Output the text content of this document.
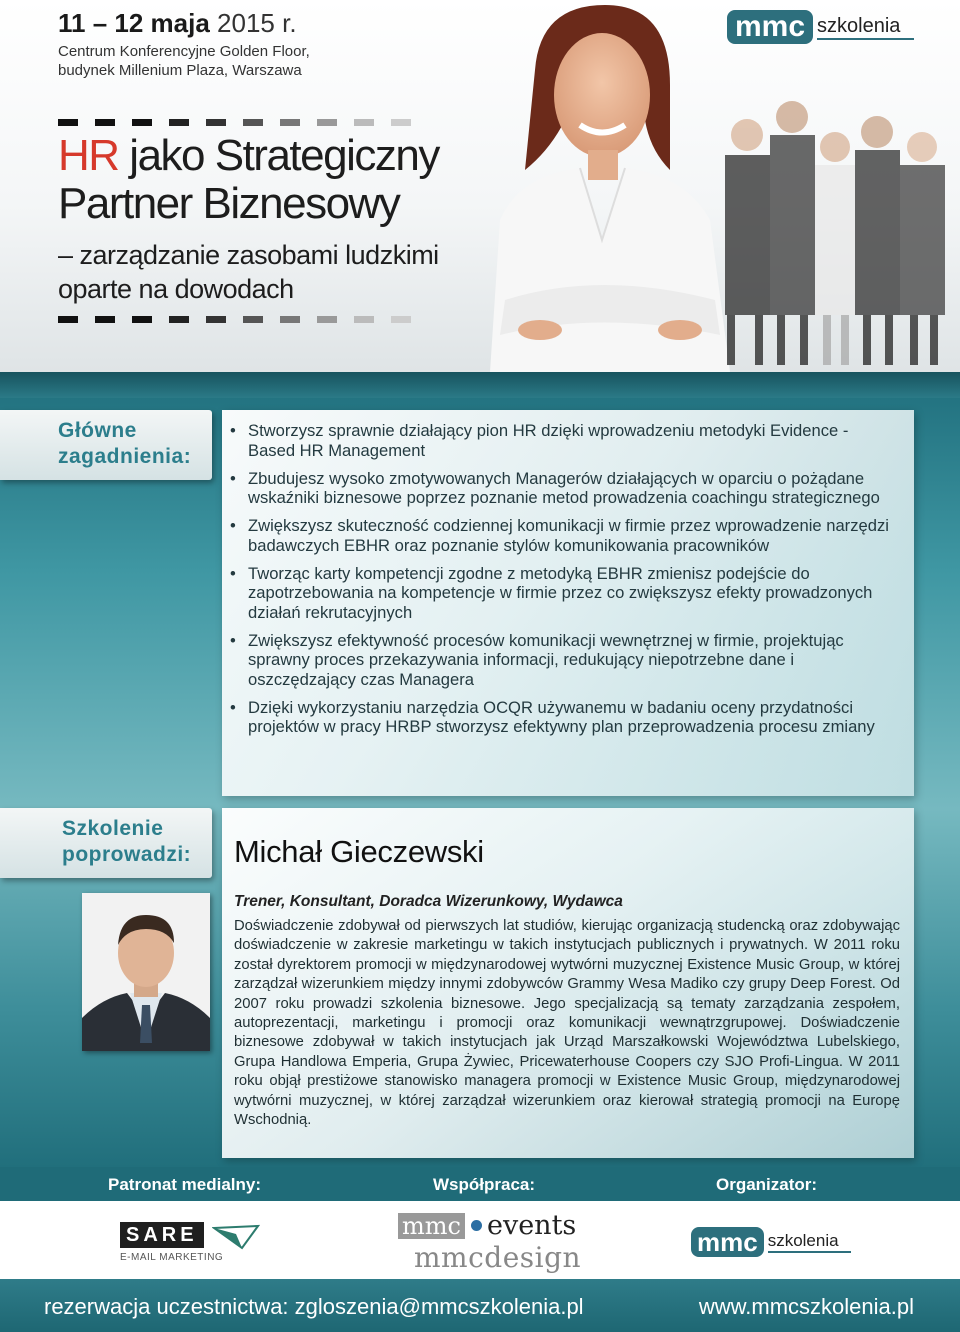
11 – 12 maja 2015 r.
Centrum Konferencyjne Golden Floor,
budynek Millenium Plaza, Warszawa
HR jako Strategiczny Partner Biznesowy
– zarządzanie zasobami ludzkimi oparte na dowodach
mmc szkolenia
Główne zagadnienia:
• Stworzysz sprawnie działający pion HR dzięki wprowadzeniu metodyki Evidence - Based HR Management
• Zbudujesz wysoko zmotywowanych Managerów działających w oparciu o pożądane wskaźniki biznesowe poprzez poznanie metod prowadzenia coachingu strategicznego
• Zwiększysz skuteczność codziennej komunikacji w firmie przez wprowadzenie narzędzi badawczych EBHR oraz poznanie stylów komunikowania pracowników
• Tworząc karty kompetencji zgodne z metodyką EBHR zmienisz podejście do zapotrzebowania na kompetencje w firmie przez co zwiększysz efekty prowadzonych działań rekrutacyjnych
• Zwiększysz efektywność procesów komunikacji wewnętrznej w firmie, projektując sprawny proces przekazywania informacji, redukujący niepotrzebne dane i oszczędzający czas Managera
• Dzięki wykorzystaniu narzędzia OCQR używanemu w badaniu oceny przydatności projektów w pracy HRBP stworzysz efektywny plan przeprowadzenia procesu zmiany
Szkolenie poprowadzi:	Michał Gieczewski
Trener, Konsultant, Doradca Wizerunkowy, Wydawca
Doświadczenie zdobywał od pierwszych lat studiów, kierując organizacją studencką oraz zdobywając doświadczenie w zakresie marketingu w takich instytucjach publicznych i prywatnych. W 2011 roku został dyrektorem promocji w międzynarodowej wytwórni muzycznej Existence Music Group, w której zarządzał wizerunkiem między innymi zdobywców Grammy Wesa Madiko czy grupy Deep Forest. Od 2007 roku prowadzi szkolenia biznesowe. Jego specjalizacją są tematy zarządzania zespołem, autoprezentacji, marketingu i promocji oraz komunikacji wewnątrzgrupowej. Doświadczenie biznesowe zdobywał w takich instytucjach jak Urząd Marszałkowski Województwa Lubelskiego, Grupa Handlowa Emperia, Grupa Żywiec, Pricewaterhouse Coopers czy SJO Profi-Lingua. W 2011 roku objął prestiżowe stanowisko managera promocji w Existence Music Group, międzynarodowej wytwórni muzycznej, w której zarządzał wizerunkiem oraz kierował strategią promocji na Europę Wschodnią.
Patronat medialny:	Współpraca:	Organizator:
SARE
E-MAIL MARKETING
mmc events
mmcdesign	mmc szkolenia
rezerwacja uczestnictwa: zgloszenia@mmcszkolenia.pl	www.mmcszkolenia.pl
